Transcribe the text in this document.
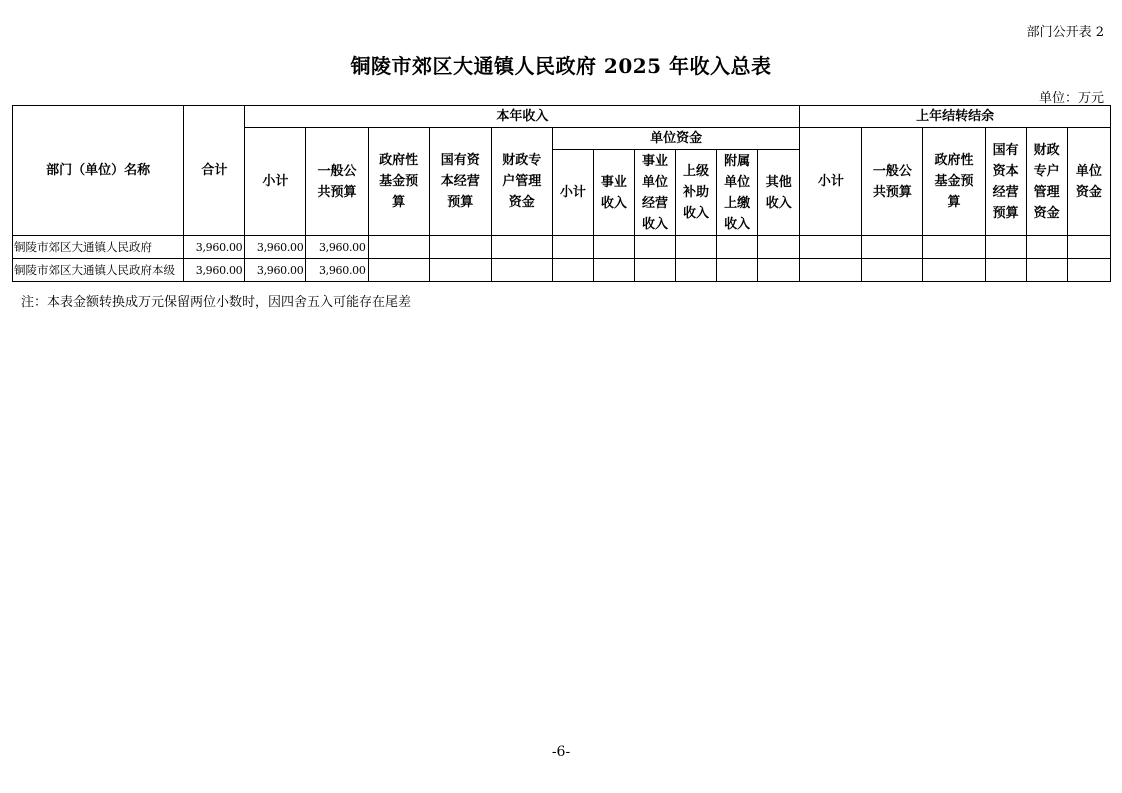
部门公开表 2
铜陵市郊区大通镇人民政府 2025 年收入总表
单位：万元
部门（单位）名称	合计	本年收入											上年结转结余					
		小计	一般公共预算	政府性基金预算	国有资本经营预算	财政专户管理资金	单位资金						小计	一般公共预算	政府性基金预算	国有资本经营预算	财政专户管理资金	单位资金
							小计	事业收入	事业单位经营收入	上级补助收入	附属单位上缴收入	其他收入						
铜陵市郊区大通镇人民政府	3,960.00	3,960.00	3,960.00															
铜陵市郊区大通镇人民政府本级	3,960.00	3,960.00	3,960.00															
注：本表金额转换成万元保留两位小数时，因四舍五入可能存在尾差
-6-
